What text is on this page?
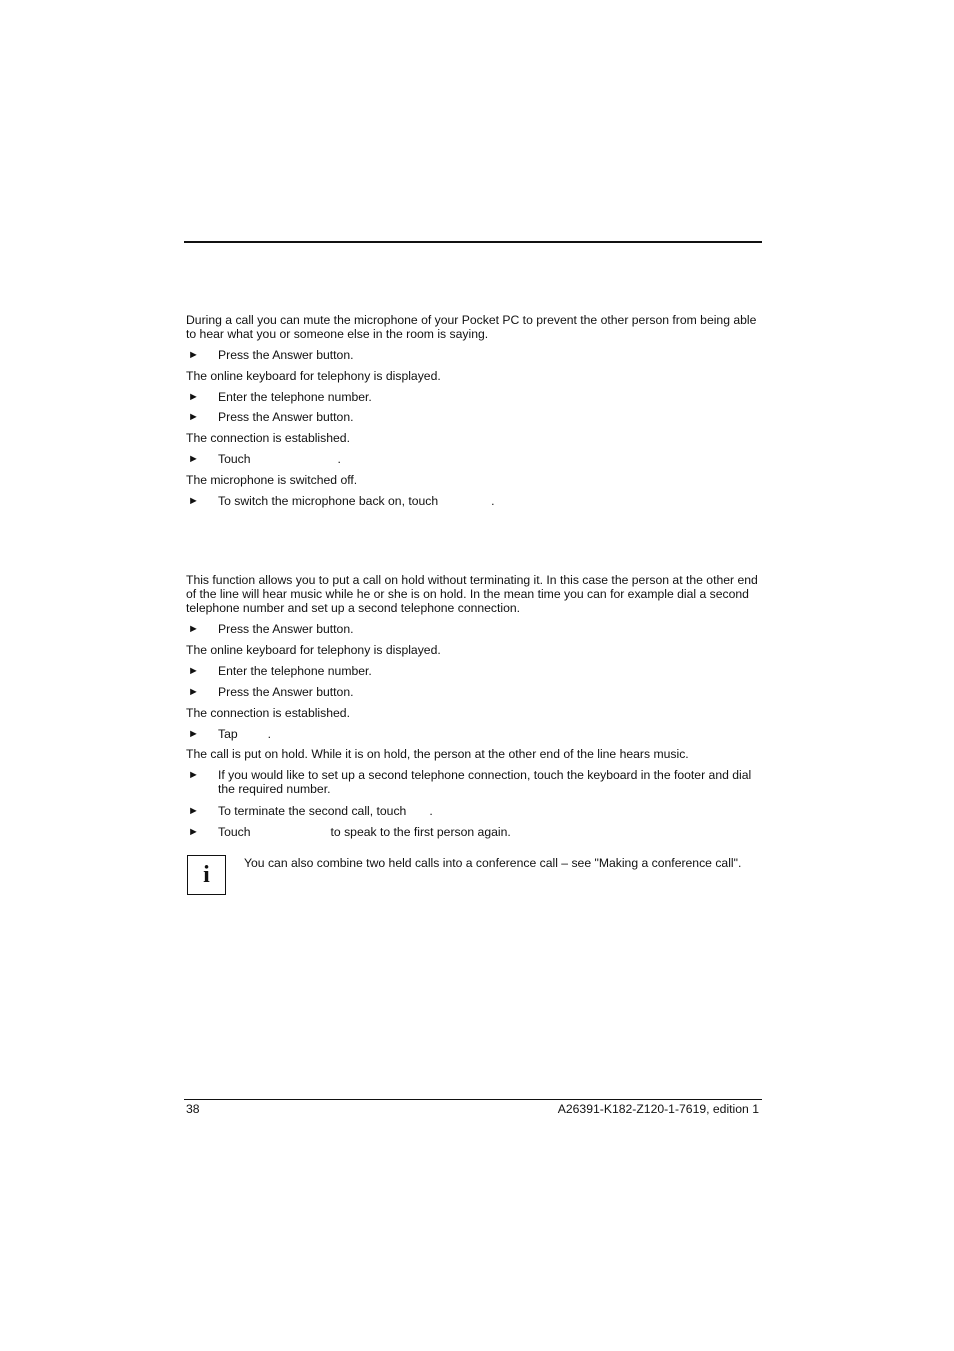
During a call you can mute the microphone of your Pocket PC to prevent the other person from being able to hear what you or someone else in the room is saying.
► Press the Answer button.
The online keyboard for telephony is displayed.
► Enter the telephone number.
► Press the Answer button.
The connection is established.
► Touch	.
The microphone is switched off.
► To switch the microphone back on, touch	.
This function allows you to put a call on hold without terminating it. In this case the person at the other end of the line will hear music while he or she is on hold. In the mean time you can for example dial a second telephone number and set up a second telephone connection.
► Press the Answer button.
The online keyboard for telephony is displayed.
► Enter the telephone number.
► Press the Answer button.
The connection is established.
► Tap .
The call is put on hold. While it is on hold, the person at the other end of the line hears music.
► If you would like to set up a second telephone connection, touch the keyboard in the footer and dial the required number.
► To terminate the second call, touch .
► Touch	to speak to the first person again.
i	You can also combine two held calls into a conference call – see "Making a conference call".
38	A26391-K182-Z120-1-7619, edition 1
